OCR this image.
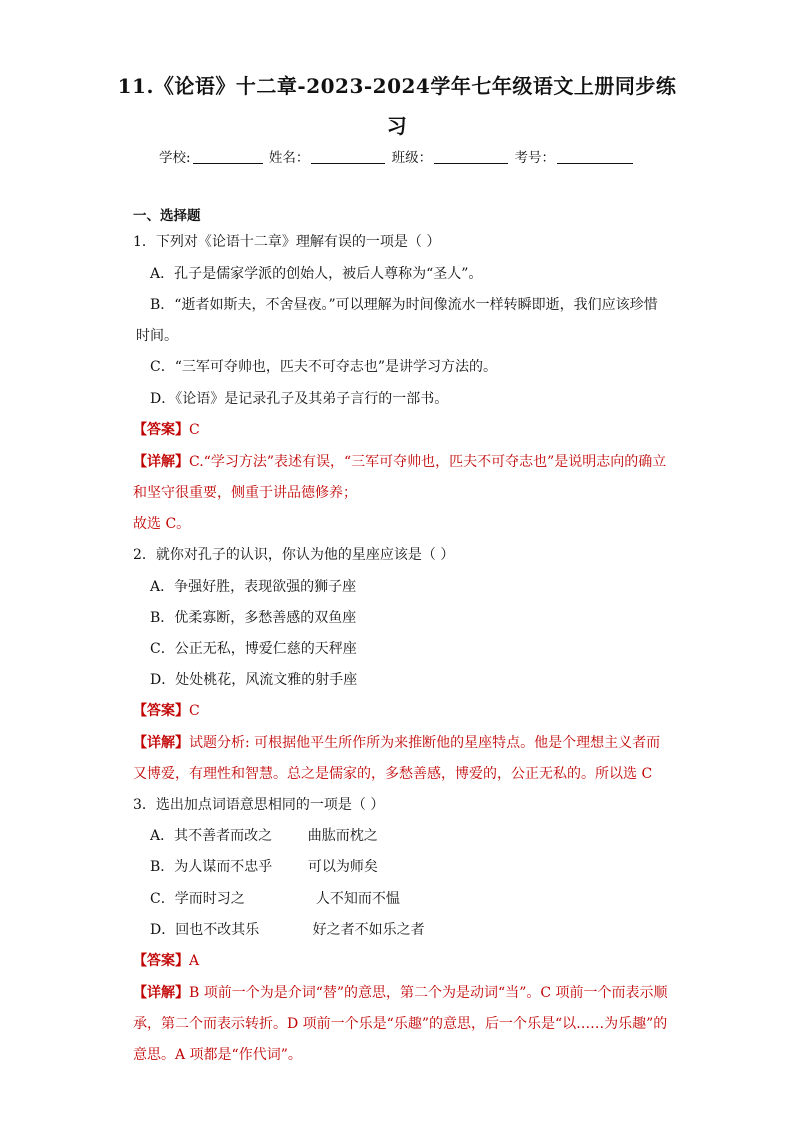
11.《论语》十二章-2023-2024学年七年级语文上册同步练
习
学校:	姓名：	班级：	考号：
一、选择题
1．下列对《论语十二章》理解有误的一项是（ ）
A．孔子是儒家学派的创始人，被后人尊称为“圣人”。
B．“逝者如斯夫，不舍昼夜。”可以理解为时间像流水一样转瞬即逝，我们应该珍惜
时间。
C．“三军可夺帅也，匹夫不可夺志也”是讲学习方法的。
D．《论语》是记录孔子及其弟子言行的一部书。
【答案】C
【详解】C.“学习方法”表述有误，“三军可夺帅也，匹夫不可夺志也”是说明志向的确立
和坚守很重要，侧重于讲品德修养；
故选 C。
2．就你对孔子的认识，你认为他的星座应该是（ ）
A．争强好胜，表现欲强的狮子座
B．优柔寡断，多愁善感的双鱼座
C．公正无私，博爱仁慈的天秤座
D．处处桃花，风流文雅的射手座
【答案】C
【详解】试题分析: 可根据他平生所作所为来推断他的星座特点。他是个理想主义者而
又博爱，有理性和智慧。总之是儒家的，多愁善感，博爱的，公正无私的。所以选 C
3．选出加点词语意思相同的一项是（ ）
A．其不善者而改之        曲肱而枕之
B．为人谋而不忠乎        可以为师矣
C．学而时习之                人不知而不愠
D．回也不改其乐            好之者不如乐之者
【答案】A
【详解】B 项前一个为是介词“替”的意思，第二个为是动词“当”。C 项前一个而表示顺
承，第二个而表示转折。D 项前一个乐是“乐趣”的意思，后一个乐是“以……为乐趣”的
意思。A 项都是“作代词”。
